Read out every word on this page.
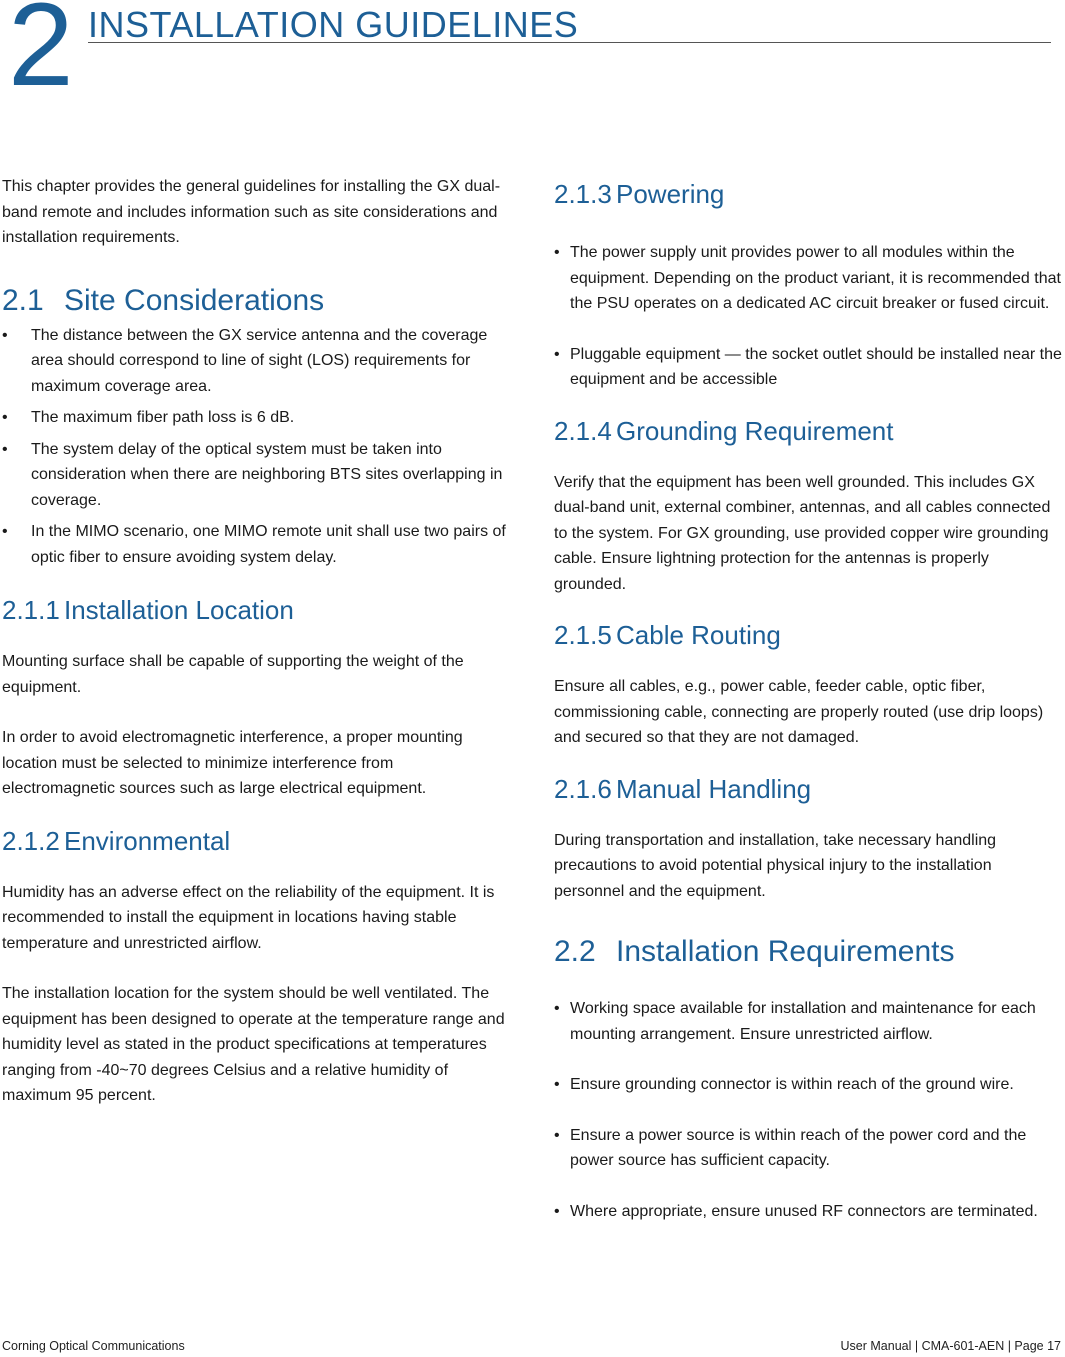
2 INSTALLATION GUIDELINES

This chapter provides the general guidelines for installing the GX dual-band remote and includes information such as site considerations and installation requirements.

2.1 Site Considerations
• The distance between the GX service antenna and the coverage area should correspond to line of sight (LOS) requirements for maximum coverage area.
• The maximum fiber path loss is 6 dB.
• The system delay of the optical system must be taken into consideration when there are neighboring BTS sites overlapping in coverage.
• In the MIMO scenario, one MIMO remote unit shall use two pairs of optic fiber to ensure avoiding system delay.
2.1.1 Installation Location

Mounting surface shall be capable of supporting the weight of the equipment.

In order to avoid electromagnetic interference, a proper mounting location must be selected to minimize interference from electromagnetic sources such as large electrical equipment.

2.1.2 Environmental

Humidity has an adverse effect on the reliability of the equipment. It is recommended to install the equipment in locations having stable temperature and unrestricted airflow.

The installation location for the system should be well ventilated. The equipment has been designed to operate at the temperature range and humidity level as stated in the product specifications at temperatures ranging from -40~70 degrees Celsius and a relative humidity of maximum 95 percent.

2.1.3 Powering
• The power supply unit provides power to all modules within the equipment. Depending on the product variant, it is recommended that the PSU operates on a dedicated AC circuit breaker or fused circuit.
• Pluggable equipment — the socket outlet should be installed near the equipment and be accessible
2.1.4 Grounding Requirement

Verify that the equipment has been well grounded. This includes GX dual-band unit, external combiner, antennas, and all cables connected to the system. For GX grounding, use provided copper wire grounding cable. Ensure lightning protection for the antennas is properly grounded.

2.1.5 Cable Routing

Ensure all cables, e.g., power cable, feeder cable, optic fiber, commissioning cable, connecting are properly routed (use drip loops) and secured so that they are not damaged.

2.1.6 Manual Handling

During transportation and installation, take necessary handling precautions to avoid potential physical injury to the installation personnel and the equipment.

2.2 Installation Requirements
• Working space available for installation and maintenance for each mounting arrangement. Ensure unrestricted airflow.
• Ensure grounding connector is within reach of the ground wire.
• Ensure a power source is within reach of the power cord and the power source has sufficient capacity.
• Where appropriate, ensure unused RF connectors are terminated.
Corning Optical Communications	User Manual | CMA-601-AEN | Page 17
